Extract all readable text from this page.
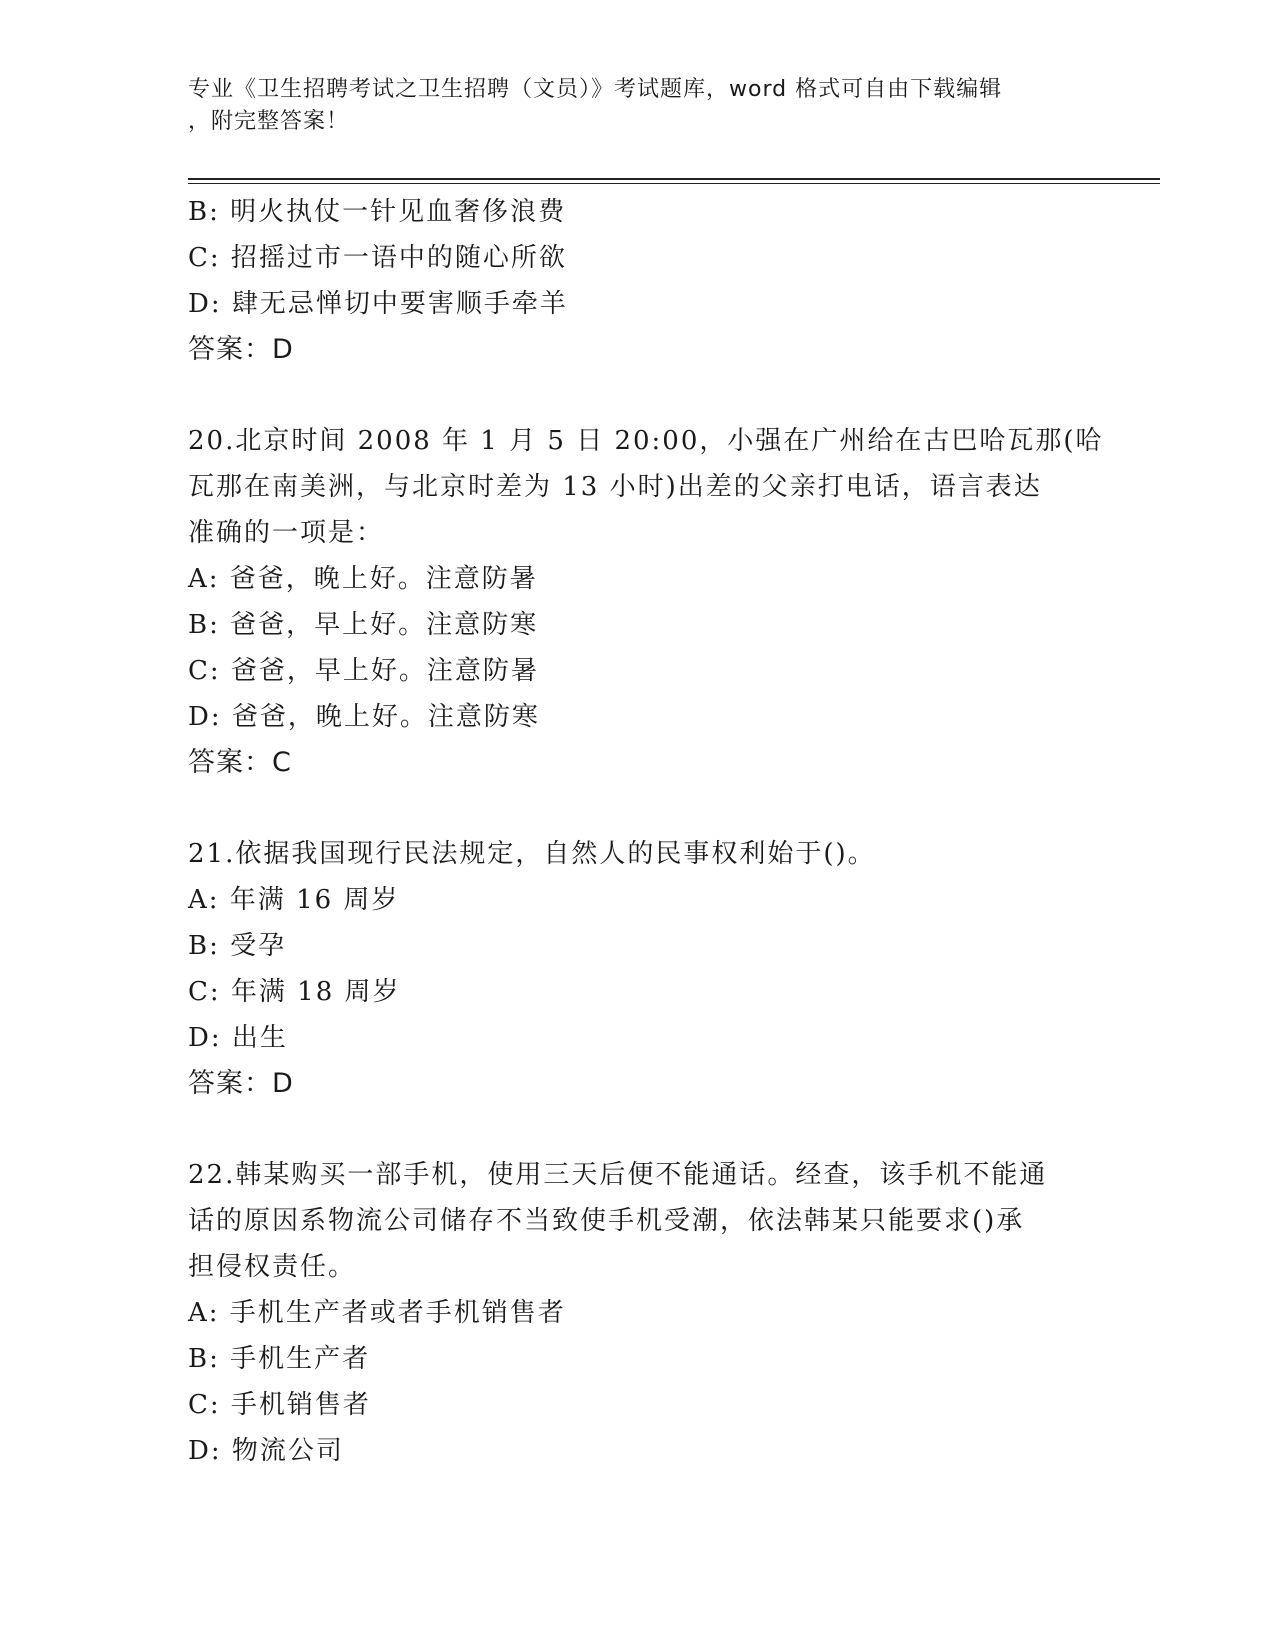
专业《卫生招聘考试之卫生招聘（文员）》考试题库，word 格式可自由下载编辑
，附完整答案！
B: 明火执仗一针见血奢侈浪费
C: 招摇过市一语中的随心所欲
D: 肆无忌惮切中要害顺手牵羊
答案：D
20.北京时间 2008 年 1 月 5 日 20:00，小强在广州给在古巴哈瓦那(哈
瓦那在南美洲，与北京时差为 13 小时)出差的父亲打电话，语言表达
准确的一项是：
A: 爸爸，晚上好。注意防暑
B: 爸爸，早上好。注意防寒
C: 爸爸，早上好。注意防暑
D: 爸爸，晚上好。注意防寒
答案：C
21.依据我国现行民法规定，自然人的民事权利始于()。
A: 年满 16 周岁
B: 受孕
C: 年满 18 周岁
D: 出生
答案：D
22.韩某购买一部手机，使用三天后便不能通话。经查，该手机不能通
话的原因系物流公司储存不当致使手机受潮，依法韩某只能要求()承
担侵权责任。
A: 手机生产者或者手机销售者
B: 手机生产者
C: 手机销售者
D: 物流公司
